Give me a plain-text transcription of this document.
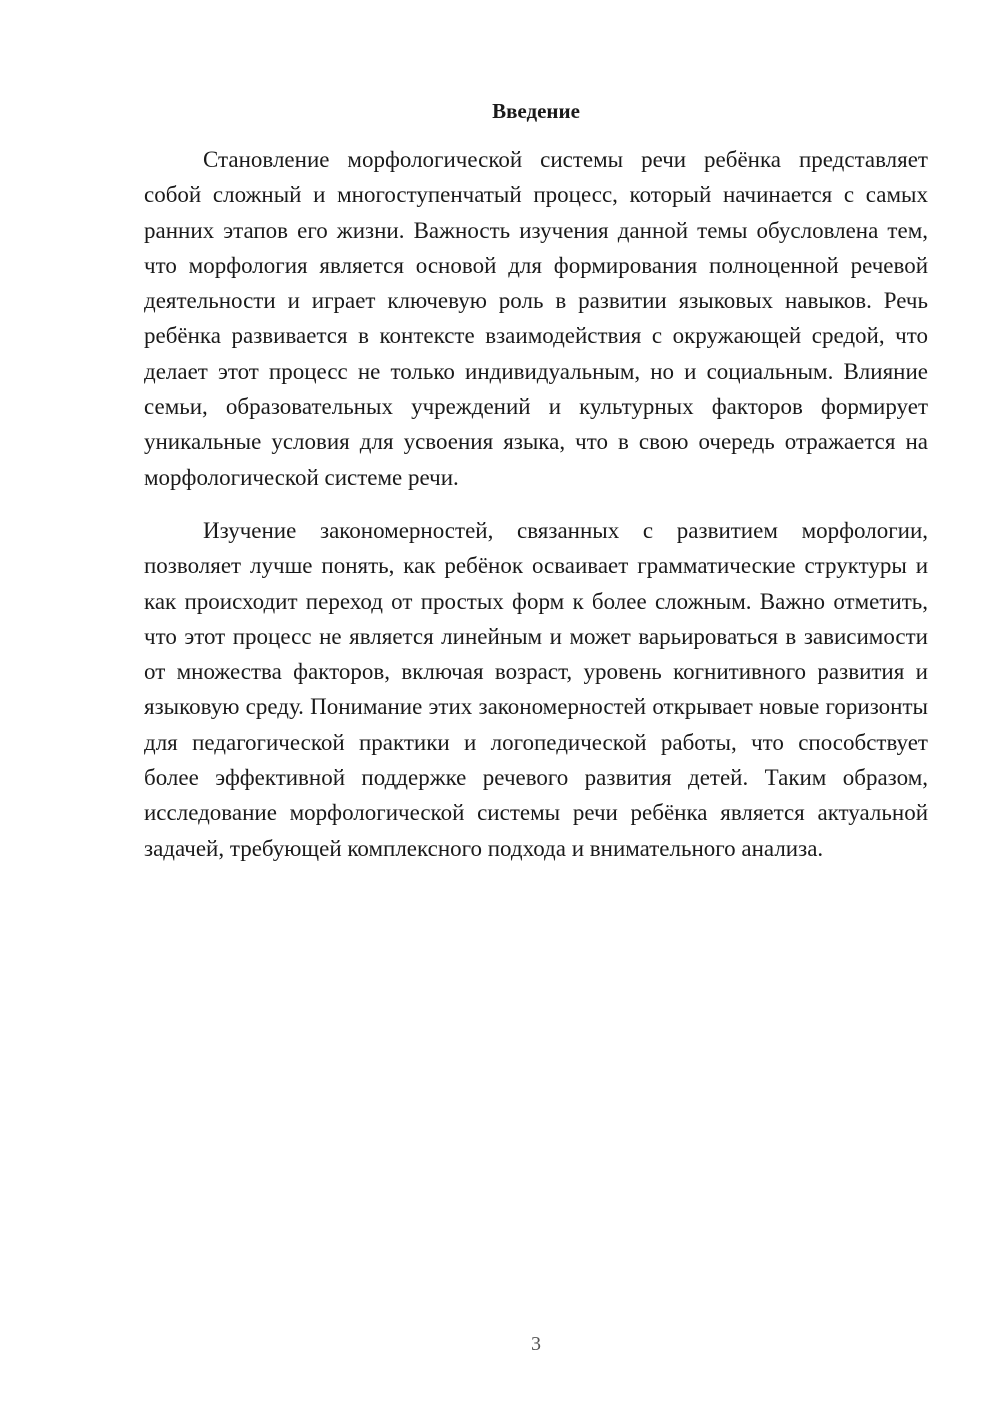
Введение

Становление морфологической системы речи ребёнка представляет собой сложный и многоступенчатый процесс, который начинается с самых ранних этапов его жизни. Важность изучения данной темы обусловлена тем, что морфология является основой для формирования полноценной речевой деятельности и играет ключевую роль в развитии языковых навыков. Речь ребёнка развивается в контексте взаимодействия с окружающей средой, что делает этот процесс не только индивидуальным, но и социальным. Влияние семьи, образовательных учреждений и культурных факторов формирует уникальные условия для усвоения языка, что в свою очередь отражается на морфологической системе речи.

Изучение закономерностей, связанных с развитием морфологии, позволяет лучше понять, как ребёнок осваивает грамматические структуры и как происходит переход от простых форм к более сложным. Важно отметить, что этот процесс не является линейным и может варьироваться в зависимости от множества факторов, включая возраст, уровень когнитивного развития и языковую среду. Понимание этих закономерностей открывает новые горизонты для педагогической практики и логопедической работы, что способствует более эффективной поддержке речевого развития детей. Таким образом, исследование морфологической системы речи ребёнка является актуальной задачей, требующей комплексного подхода и внимательного анализа.

3
